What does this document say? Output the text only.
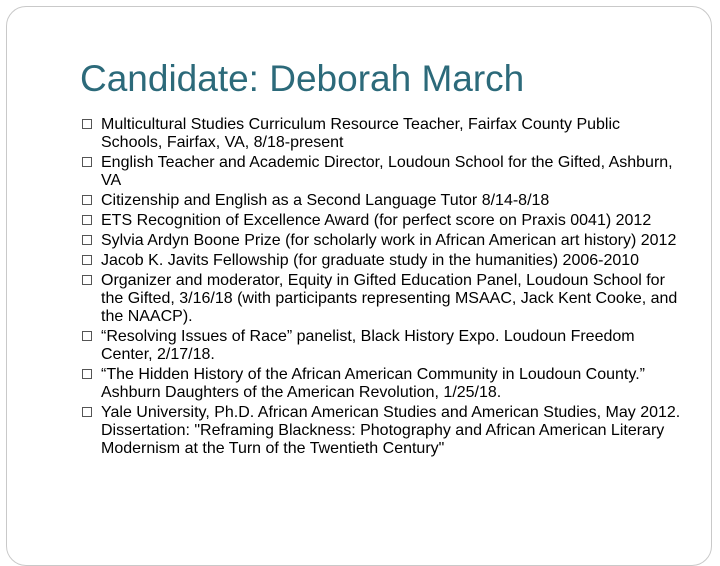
Candidate: Deborah March
Multicultural Studies Curriculum Resource Teacher, Fairfax County Public Schools, Fairfax, VA, 8/18-present
English Teacher and Academic Director, Loudoun School for the Gifted, Ashburn, VA
Citizenship and English as a Second Language Tutor 8/14-8/18
ETS Recognition of Excellence Award (for perfect score on Praxis 0041) 2012
Sylvia Ardyn Boone Prize (for scholarly work in African American art history) 2012
Jacob K. Javits Fellowship (for graduate study in the humanities) 2006-2010
Organizer and moderator, Equity in Gifted Education Panel, Loudoun School for the Gifted, 3/16/18 (with participants representing MSAAC, Jack Kent Cooke, and the NAACP).
“Resolving Issues of Race” panelist, Black History Expo. Loudoun Freedom Center, 2/17/18.
“The Hidden History of the African American Community in Loudoun County.” Ashburn Daughters of the American Revolution, 1/25/18.
Yale University, Ph.D. African American Studies and American Studies, May 2012. Dissertation: "Reframing Blackness: Photography and African American Literary Modernism at the Turn of the Twentieth Century"
